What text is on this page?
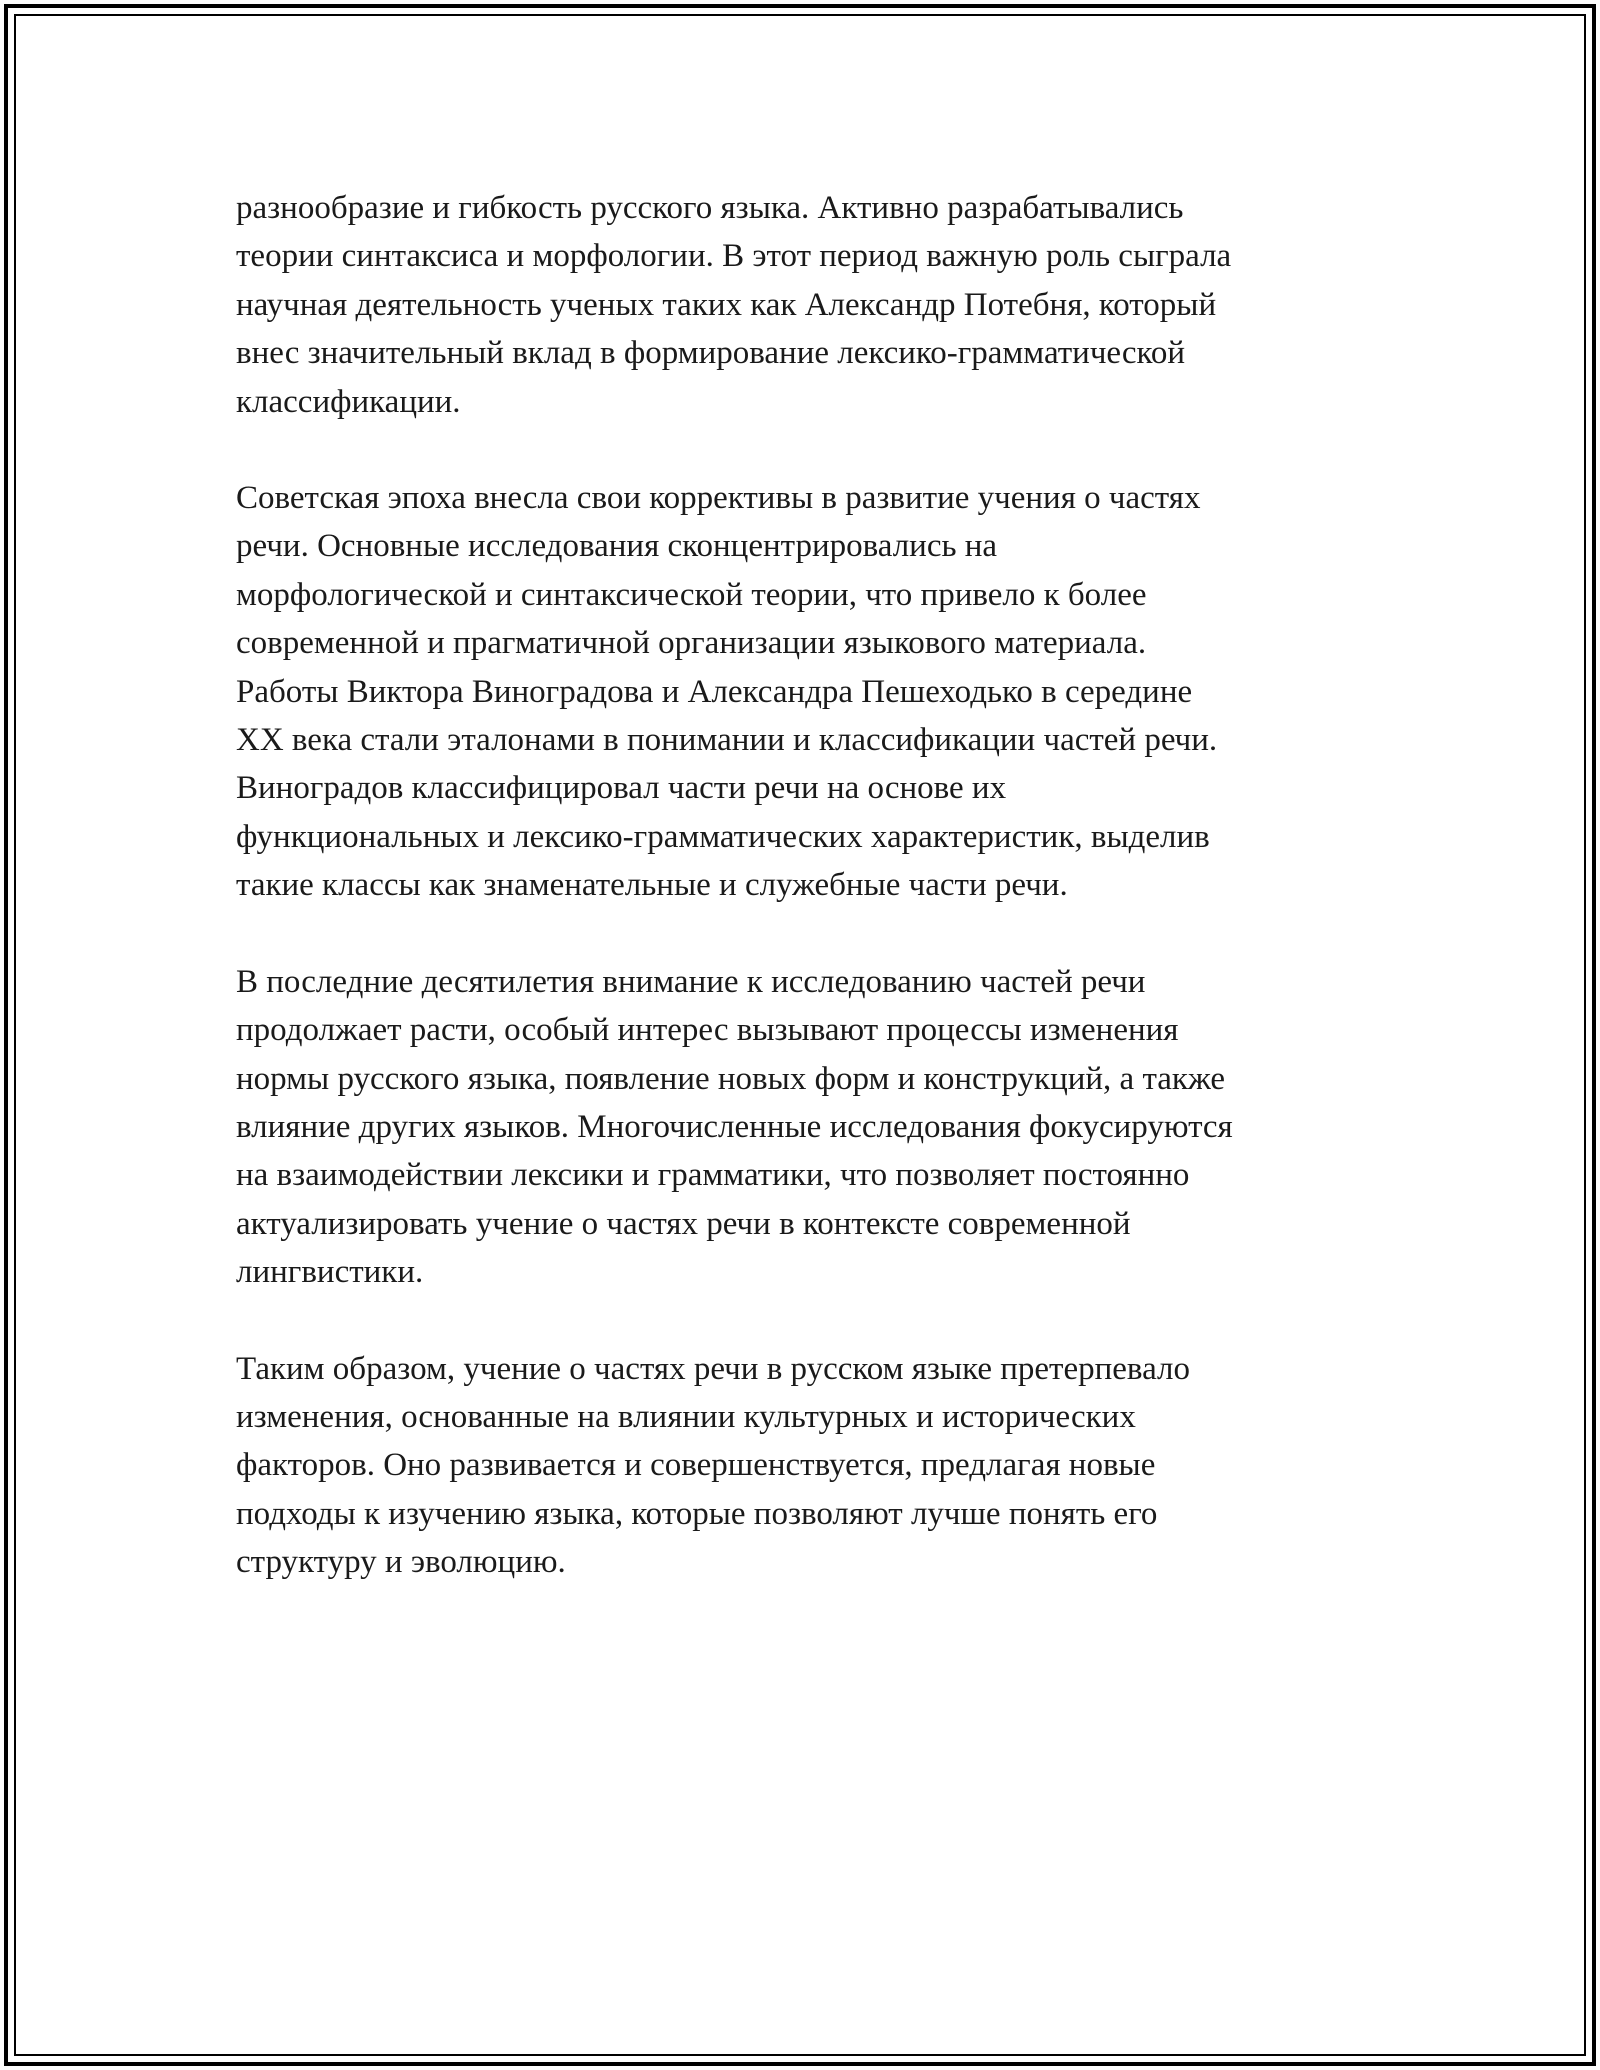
разнообразие и гибкость русского языка. Активно разрабатывались
теории синтаксиса и морфологии. В этот период важную роль сыграла
научная деятельность ученых таких как Александр Потебня, который
внес значительный вклад в формирование лексико-грамматической
классификации.

Советская эпоха внесла свои коррективы в развитие учения о частях
речи. Основные исследования сконцентрировались на
морфологической и синтаксической теории, что привело к более
современной и прагматичной организации языкового материала.
Работы Виктора Виноградова и Александра Пешеходько в середине
XX века стали эталонами в понимании и классификации частей речи.
Виноградов классифицировал части речи на основе их
функциональных и лексико-грамматических характеристик, выделив
такие классы как знаменательные и служебные части речи.

В последние десятилетия внимание к исследованию частей речи
продолжает расти, особый интерес вызывают процессы изменения
нормы русского языка, появление новых форм и конструкций, а также
влияние других языков. Многочисленные исследования фокусируются
на взаимодействии лексики и грамматики, что позволяет постоянно
актуализировать учение о частях речи в контексте современной
лингвистики.

Таким образом, учение о частях речи в русском языке претерпевало
изменения, основанные на влиянии культурных и исторических
факторов. Оно развивается и совершенствуется, предлагая новые
подходы к изучению языка, которые позволяют лучше понять его
структуру и эволюцию.
